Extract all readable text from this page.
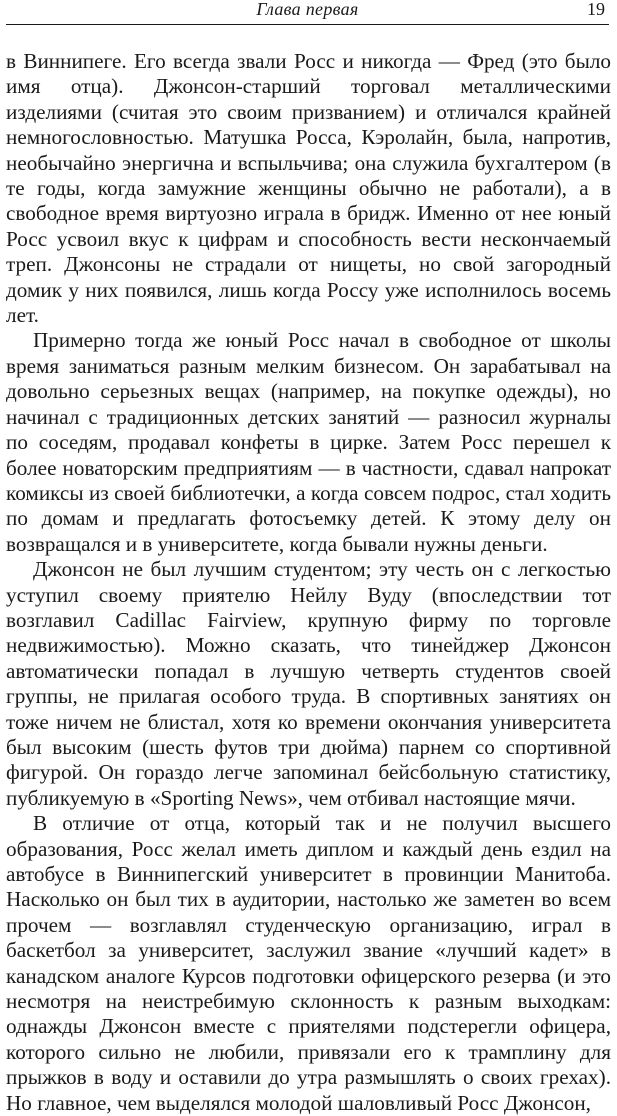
Глава первая	19

в Виннипеге. Его всегда звали Росс и никогда — Фред (это было имя отца). Джонсон-старший торговал металлическими изделиями (считая это своим призванием) и отличался крайней немногословностью. Матушка Росса, Кэролайн, была, напротив, необычайно энергична и вспыльчива; она служила бухгалтером (в те годы, когда замужние женщины обычно не работали), а в свободное время виртуозно играла в бридж. Именно от нее юный Росс усвоил вкус к цифрам и способность вести нескончаемый треп. Джонсоны не страдали от нищеты, но свой загородный домик у них появился, лишь когда Россу уже исполнилось восемь лет.

Примерно тогда же юный Росс начал в свободное от школы время заниматься разным мелким бизнесом. Он зарабатывал на довольно серьезных вещах (например, на покупке одежды), но начинал с традиционных детских занятий — разносил журналы по соседям, продавал конфеты в цирке. Затем Росс перешел к более новаторским предприятиям — в частности, сдавал напрокат комиксы из своей библиотечки, а когда совсем подрос, стал ходить по домам и предлагать фотосъемку детей. К этому делу он возвращался и в университете, когда бывали нужны деньги.

Джонсон не был лучшим студентом; эту честь он с легкостью уступил своему приятелю Нейлу Вуду (впоследствии тот возглавил Cadillac Fairview, крупную фирму по торговле недвижимостью). Можно сказать, что тинейджер Джонсон автоматически попадал в лучшую четверть студентов своей группы, не прилагая особого труда. В спортивных занятиях он тоже ничем не блистал, хотя ко времени окончания университета был высоким (шесть футов три дюйма) парнем со спортивной фигурой. Он гораздо легче запоминал бейсбольную статистику, публикуемую в «Sporting News», чем отбивал настоящие мячи.

В отличие от отца, который так и не получил высшего образования, Росс желал иметь диплом и каждый день ездил на автобусе в Виннипегский университет в провинции Манитоба. Насколько он был тих в аудитории, настолько же заметен во всем прочем — возглавлял студенческую организацию, играл в баскетбол за университет, заслужил звание «лучший кадет» в канадском аналоге Курсов подготовки офицерского резерва (и это несмотря на неистребимую склонность к разным выходкам: однажды Джонсон вместе с приятелями подстерегли офицера, которого сильно не любили, привязали его к трамплину для прыжков в воду и оставили до утра размышлять о своих грехах). Но главное, чем выделялся молодой шаловливый Росс Джонсон,
